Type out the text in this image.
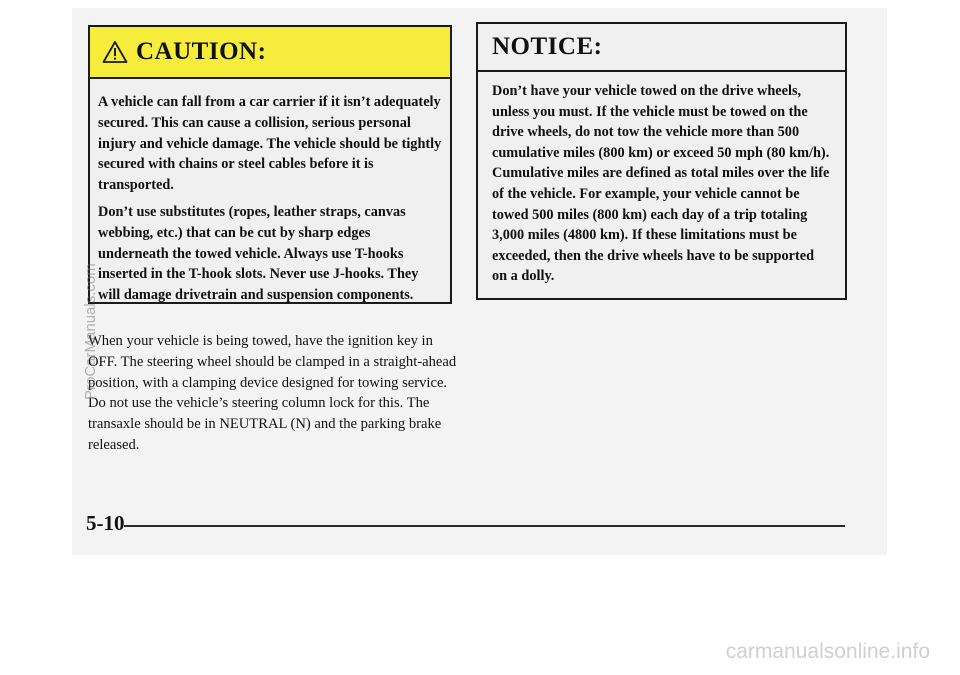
CAUTION:

A vehicle can fall from a car carrier if it isn’t adequately secured. This can cause a collision, serious personal injury and vehicle damage. The vehicle should be tightly secured with chains or steel cables before it is transported.

Don’t use substitutes (ropes, leather straps, canvas webbing, etc.) that can be cut by sharp edges underneath the towed vehicle. Always use T-hooks inserted in the T-hook slots. Never use J-hooks. They will damage drivetrain and suspension components.

NOTICE:

Don’t have your vehicle towed on the drive wheels, unless you must. If the vehicle must be towed on the drive wheels, do not tow the vehicle more than 500 cumulative miles (800 km) or exceed 50 mph (80 km/h). Cumulative miles are defined as total miles over the life of the vehicle. For example, your vehicle cannot be towed 500 miles (800 km) each day of a trip totaling 3,000 miles (4800 km). If these limitations must be exceeded, then the drive wheels have to be supported on a dolly.

When your vehicle is being towed, have the ignition key in OFF. The steering wheel should be clamped in a straight-ahead position, with a clamping device designed for towing service. Do not use the vehicle’s steering column lock for this. The transaxle should be in NEUTRAL (N) and the parking brake released.

5-10
ProCarManuals.com
carmanualsonline.info
